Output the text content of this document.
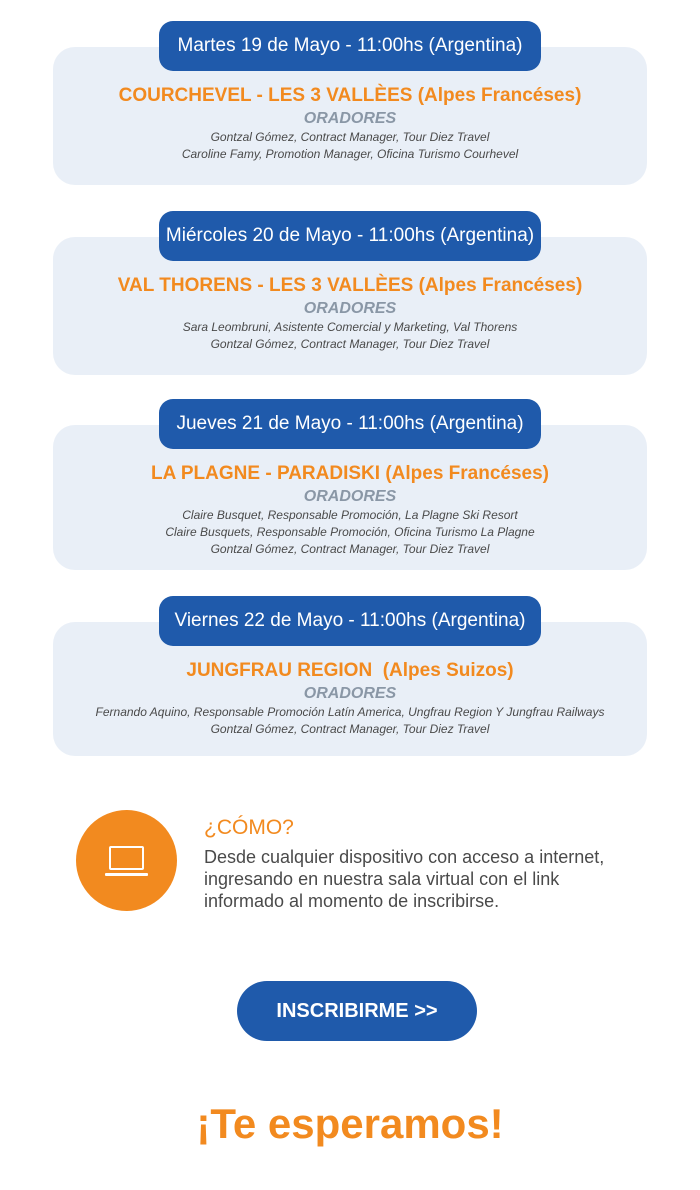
Martes 19 de Mayo - 11:00hs (Argentina)
COURCHEVEL - LES 3 VALLÈES (Alpes Francéses)
ORADORES
Gontzal Gómez, Contract Manager, Tour Diez Travel
Caroline Famy, Promotion Manager, Oficina Turismo Courhevel
Miércoles 20 de Mayo - 11:00hs (Argentina)
VAL THORENS - LES 3 VALLÈES (Alpes Francéses)
ORADORES
Sara Leombruni, Asistente Comercial y Marketing, Val Thorens
Gontzal Gómez, Contract Manager, Tour Diez Travel
Jueves 21 de Mayo - 11:00hs (Argentina)
LA PLAGNE - PARADISKI (Alpes Francéses)
ORADORES
Claire Busquet, Responsable Promoción, La Plagne Ski Resort
Claire Busquets, Responsable Promoción, Oficina Turismo La Plagne
Gontzal Gómez, Contract Manager, Tour Diez Travel
Viernes 22 de Mayo - 11:00hs (Argentina)
JUNGFRAU REGION  (Alpes Suizos)
ORADORES
Fernando Aquino, Responsable Promoción Latín America, Ungfrau Region Y Jungfrau Railways
Gontzal Gómez, Contract Manager, Tour Diez Travel
¿CÓMO?
Desde cualquier dispositivo con acceso a internet, ingresando en nuestra sala virtual con el link informado al momento de inscribirse.
INSCRIBIRME >>
¡Te esperamos!
